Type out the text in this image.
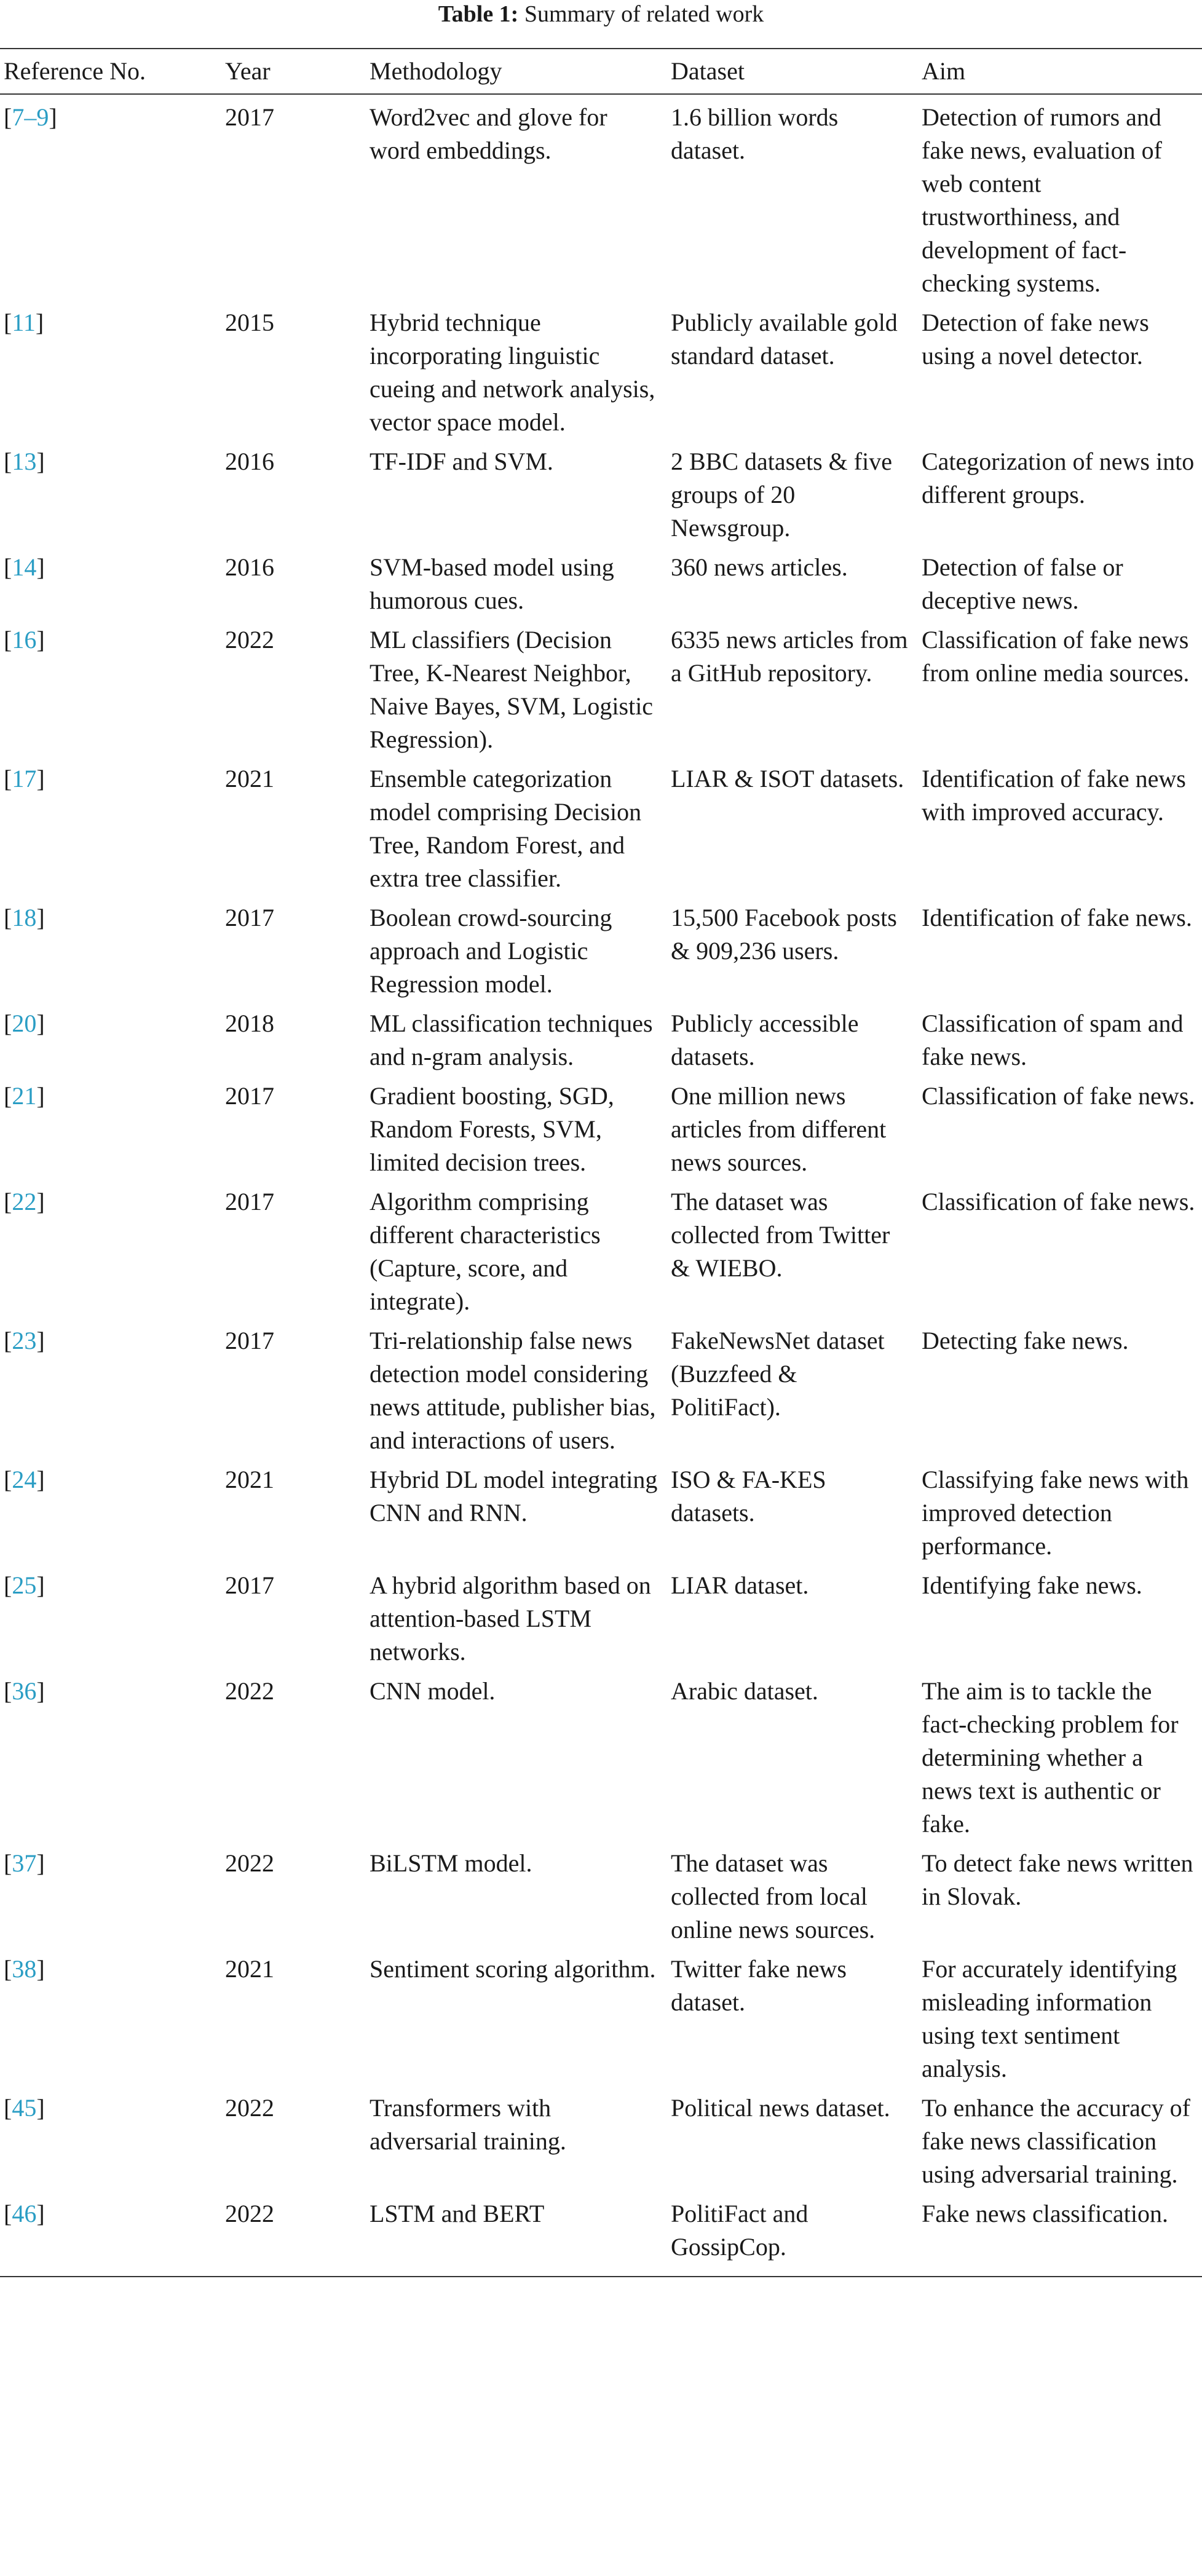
Table 1: Summary of related work
Reference No.	Year	Methodology	Dataset	Aim
[7–9]	2017	Word2vec and glove for word embeddings.	1.6 billion words dataset.	Detection of rumors and fake news, evaluation of web content trustworthiness, and development of fact-checking systems.
[11]	2015	Hybrid technique incorporating linguistic cueing and network analysis, vector space model.	Publicly available gold standard dataset.	Detection of fake news using a novel detector.
[13]	2016	TF-IDF and SVM.	2 BBC datasets & five groups of 20 Newsgroup.	Categorization of news into different groups.
[14]	2016	SVM-based model using humorous cues.	360 news articles.	Detection of false or deceptive news.
[16]	2022	ML classifiers (Decision Tree, K-Nearest Neighbor, Naive Bayes, SVM, Logistic Regression).	6335 news articles from a GitHub repository.	Classification of fake news from online media sources.
[17]	2021	Ensemble categorization model comprising Decision Tree, Random Forest, and extra tree classifier.	LIAR & ISOT datasets.	Identification of fake news with improved accuracy.
[18]	2017	Boolean crowd-sourcing approach and Logistic Regression model.	15,500 Facebook posts & 909,236 users.	Identification of fake news.
[20]	2018	ML classification techniques and n-gram analysis.	Publicly accessible datasets.	Classification of spam and fake news.
[21]	2017	Gradient boosting, SGD, Random Forests, SVM, limited decision trees.	One million news articles from different news sources.	Classification of fake news.
[22]	2017	Algorithm comprising different characteristics (Capture, score, and integrate).	The dataset was collected from Twitter & WIEBO.	Classification of fake news.
[23]	2017	Tri-relationship false news detection model considering news attitude, publisher bias, and interactions of users.	FakeNewsNet dataset (Buzzfeed & PolitiFact).	Detecting fake news.
[24]	2021	Hybrid DL model integrating CNN and RNN.	ISO & FA-KES datasets.	Classifying fake news with improved detection performance.
[25]	2017	A hybrid algorithm based on attention-based LSTM networks.	LIAR dataset.	Identifying fake news.
[36]	2022	CNN model.	Arabic dataset.	The aim is to tackle the fact-checking problem for determining whether a news text is authentic or fake.
[37]	2022	BiLSTM model.	The dataset was collected from local online news sources.	To detect fake news written in Slovak.
[38]	2021	Sentiment scoring algorithm.	Twitter fake news dataset.	For accurately identifying misleading information using text sentiment analysis.
[45]	2022	Transformers with adversarial training.	Political news dataset.	To enhance the accuracy of fake news classification using adversarial training.
[46]	2022	LSTM and BERT	PolitiFact and GossipCop.	Fake news classification.
